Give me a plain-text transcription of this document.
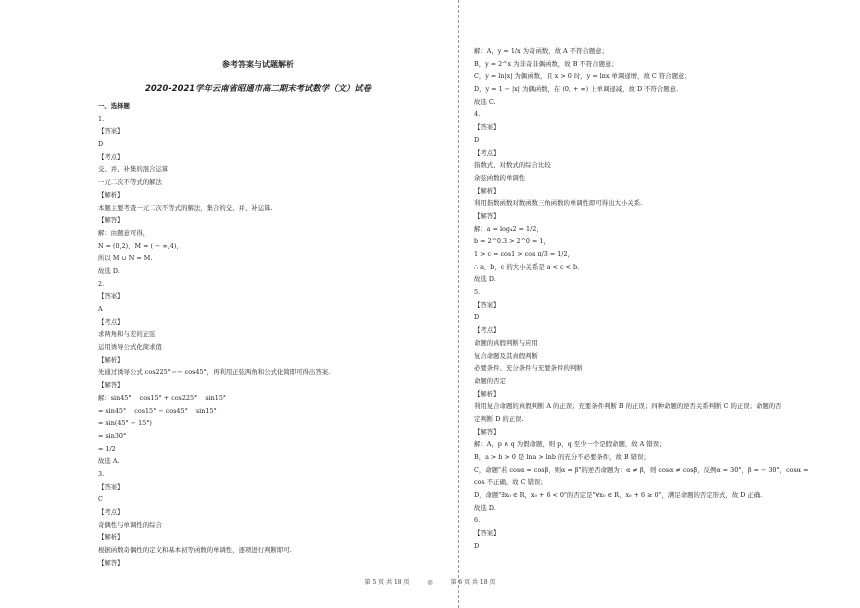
参考答案与试题解析
2020-2021学年云南省昭通市高二期末考试数学（文）试卷
一、选择题
1.
【答案】
D
【考点】
交、并、补集的混合运算
一元二次不等式的解法
【解析】
本题主要考查一元二次不等式的解法，集合的交、并、补运算.
【解答】
解：由题意可得，
N = (0,2)，M = ( − ∞,4)，
所以 M ∪ N = M.
故选 D.
2.
【答案】
A
【考点】
求两角和与差的正弦
运用诱导公式化简求值
【解析】
先通过诱导公式 cos225°＝− cos45°，再利用正弦两角和公式化简即可得出答案.
【解答】
解：sin45°    cos15° + cos225°    sin15°
= sin45°    cos15° − cos45°    sin15°
= sin(45° − 15°)
= sin30°
= 1/2
故选 A.
3.
【答案】
C
【考点】
奇偶性与单调性的综合
【解析】
根据函数奇偶性的定义和基本初等函数的单调性，逐项进行判断即可.
【解答】
解：A，y = 1/x 为奇函数，故 A 不符合题意；
B，y = 2^x 为非奇非偶函数，故 B 不符合题意；
C，y = ln|x| 为偶函数，且 x > 0 时，y = lnx 单调递增，故 C 符合题意；
D，y = 1 − |x| 为偶函数，在 (0, + ∞) 上单调递减，故 D 不符合题意.
故选 C.
4.
【答案】
D
【考点】
指数式、对数式的综合比较
余弦函数的单调性
【解析】
利用指数函数对数函数三角函数的单调性即可得出大小关系.
【解答】
解：a = log₄2 = 1/2，
b = 2^0.3 > 2^0 = 1，
1 > c = cos1 > cos π/3 = 1/2，
∴ a，b，c 的大小关系是 a < c < b.
故选 D.
5.
【答案】
D
【考点】
命题的真假判断与应用
复合命题及其真假判断
必要条件、充分条件与充要条件的判断
命题的否定
【解析】
利用复合命题的真假判断 A 的正误；充要条件判断 B 的正误；四种命题的逆否关系判断 C 的正误；命题的否
定判断 D 的正误.
【解答】
解：A，p ∧ q 为假命题，则 p，q 至少一个是假命题，故 A 错误；
B，a > b > 0 是 lna > lnb 的充分不必要条件，故 B 错误；
C，命题"若 cosα = cosβ，则α = β"的逆否命题为：α ≠ β，则 cosα ≠ cosβ，反例α = 30°，β = − 30°，cosα =
cos 不正确，故 C 错误；
D，命题"∃x₀ ∈ R，x₀ + 6 < 0"的否定是"∀x₀ ∈ R，x₀ + 6 ≥ 0"，满足命题的否定形式，故 D 正确.
故选 D.
6.
【答案】
D
第 5 页 共 18 页	◎	第 6 页 共 18 页
